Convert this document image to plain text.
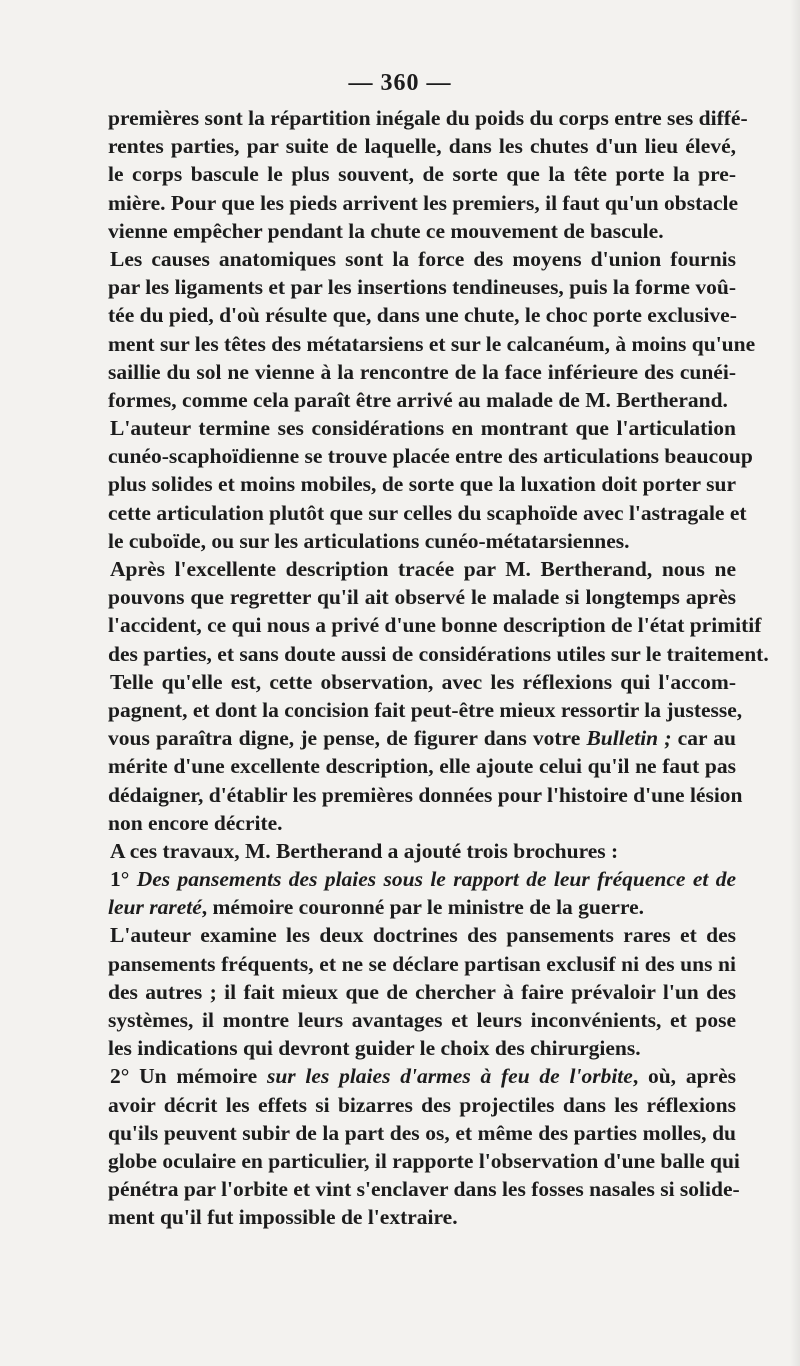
— 360 —
premières sont la répartition inégale du poids du corps entre ses diffé-
rentes parties, par suite de laquelle, dans les chutes d'un lieu élevé,
le corps bascule le plus souvent, de sorte que la tête porte la pre-
mière. Pour que les pieds arrivent les premiers, il faut qu'un obstacle
vienne empêcher pendant la chute ce mouvement de bascule.
Les causes anatomiques sont la force des moyens d'union fournis
par les ligaments et par les insertions tendineuses, puis la forme voû-
tée du pied, d'où résulte que, dans une chute, le choc porte exclusive-
ment sur les têtes des métatarsiens et sur le calcanéum, à moins qu'une
saillie du sol ne vienne à la rencontre de la face inférieure des cunéi-
formes, comme cela paraît être arrivé au malade de M. Bertherand.
L'auteur termine ses considérations en montrant que l'articulation
cunéo-scaphoïdienne se trouve placée entre des articulations beaucoup
plus solides et moins mobiles, de sorte que la luxation doit porter sur
cette articulation plutôt que sur celles du scaphoïde avec l'astragale et
le cuboïde, ou sur les articulations cunéo-métatarsiennes.
Après l'excellente description tracée par M. Bertherand, nous ne
pouvons que regretter qu'il ait observé le malade si longtemps après
l'accident, ce qui nous a privé d'une bonne description de l'état primitif
des parties, et sans doute aussi de considérations utiles sur le traitement.
Telle qu'elle est, cette observation, avec les réflexions qui l'accom-
pagnent, et dont la concision fait peut-être mieux ressortir la justesse,
vous paraîtra digne, je pense, de figurer dans votre Bulletin ; car au
mérite d'une excellente description, elle ajoute celui qu'il ne faut pas
dédaigner, d'établir les premières données pour l'histoire d'une lésion
non encore décrite.
A ces travaux, M. Bertherand a ajouté trois brochures :
1° Des pansements des plaies sous le rapport de leur fréquence et de
leur rareté, mémoire couronné par le ministre de la guerre.
L'auteur examine les deux doctrines des pansements rares et des
pansements fréquents, et ne se déclare partisan exclusif ni des uns ni
des autres ; il fait mieux que de chercher à faire prévaloir l'un des
systèmes, il montre leurs avantages et leurs inconvénients, et pose
les indications qui devront guider le choix des chirurgiens.
2° Un mémoire sur les plaies d'armes à feu de l'orbite, où, après
avoir décrit les effets si bizarres des projectiles dans les réflexions
qu'ils peuvent subir de la part des os, et même des parties molles, du
globe oculaire en particulier, il rapporte l'observation d'une balle qui
pénétra par l'orbite et vint s'enclaver dans les fosses nasales si solide-
ment qu'il fut impossible de l'extraire.
